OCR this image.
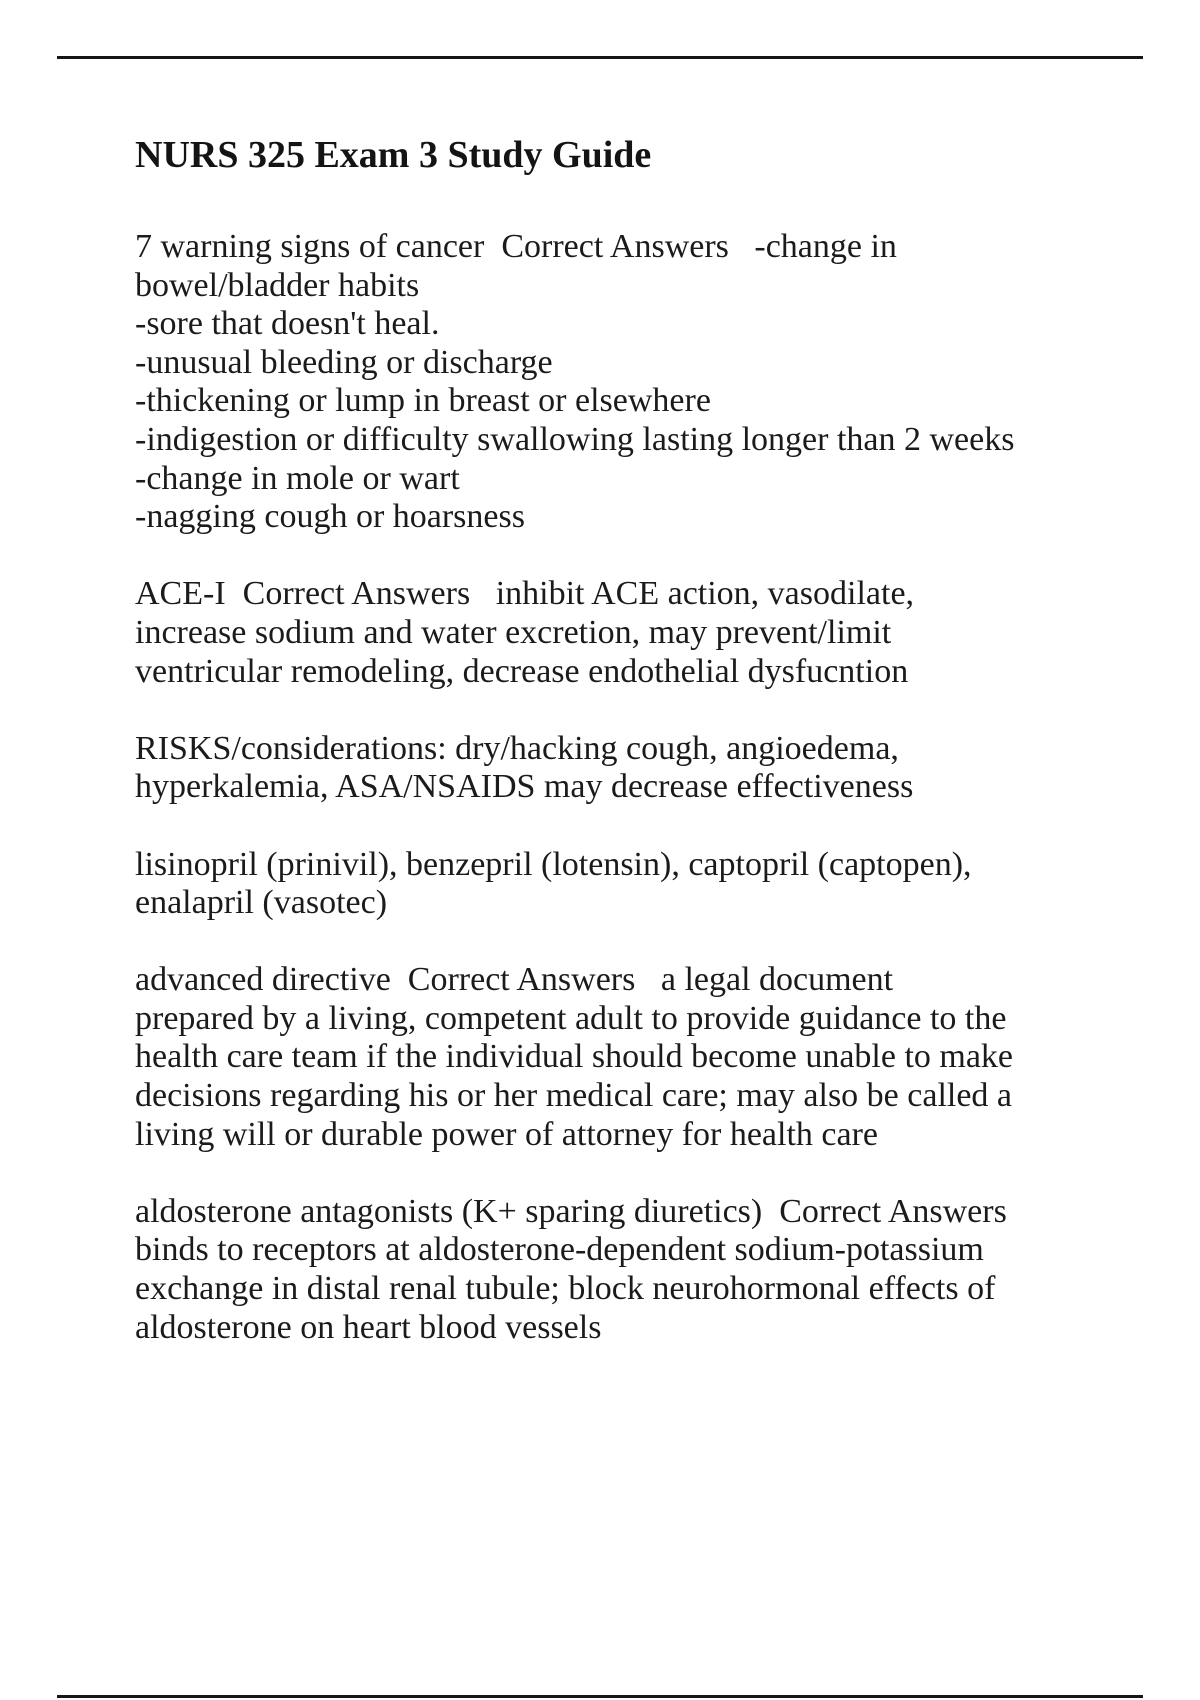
NURS 325 Exam 3 Study Guide
7 warning signs of cancer  Correct Answers   -change in
bowel/bladder habits
-sore that doesn't heal.
-unusual bleeding or discharge
-thickening or lump in breast or elsewhere
-indigestion or difficulty swallowing lasting longer than 2 weeks
-change in mole or wart
-nagging cough or hoarsness
ACE-I  Correct Answers   inhibit ACE action, vasodilate,
increase sodium and water excretion, may prevent/limit
ventricular remodeling, decrease endothelial dysfucntion
RISKS/considerations: dry/hacking cough, angioedema,
hyperkalemia, ASA/NSAIDS may decrease effectiveness
lisinopril (prinivil), benzepril (lotensin), captopril (captopen),
enalapril (vasotec)
advanced directive  Correct Answers   a legal document
prepared by a living, competent adult to provide guidance to the
health care team if the individual should become unable to make
decisions regarding his or her medical care; may also be called a
living will or durable power of attorney for health care
aldosterone antagonists (K+ sparing diuretics)  Correct Answers
binds to receptors at aldosterone-dependent sodium-potassium
exchange in distal renal tubule; block neurohormonal effects of
aldosterone on heart blood vessels
